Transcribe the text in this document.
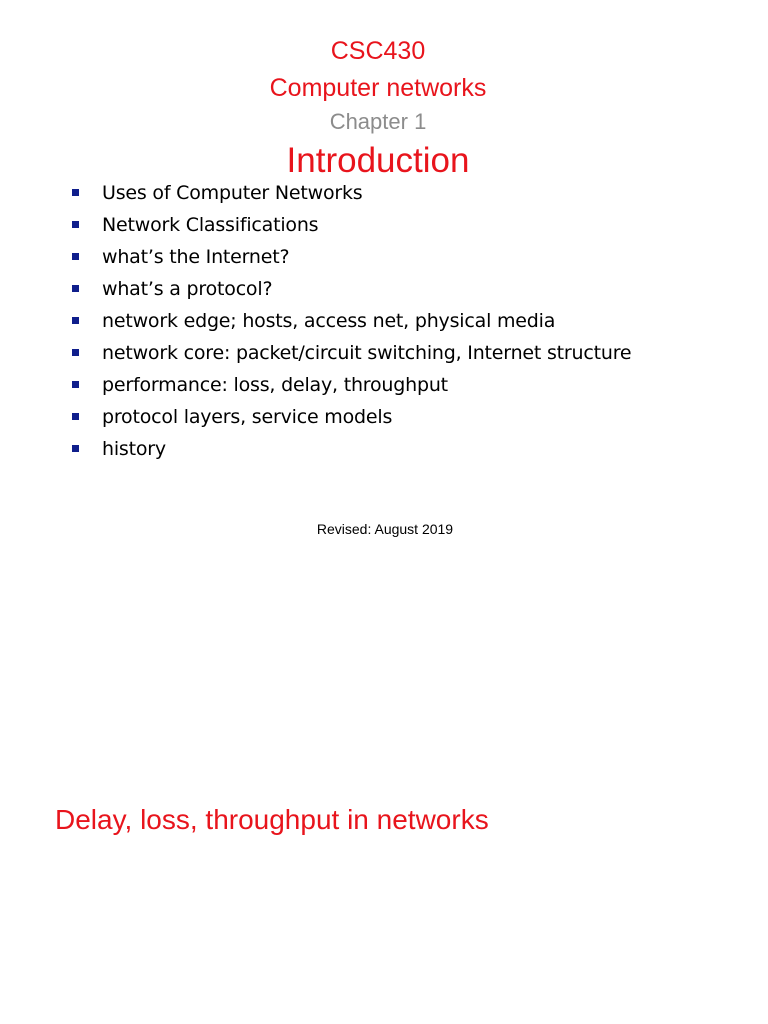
CSC430
Computer networks
Chapter 1
Introduction
Uses of Computer Networks
Network Classifications
what’s the Internet?
what’s a protocol?
network edge; hosts, access net, physical media
network core: packet/circuit switching, Internet structure
performance: loss, delay, throughput
protocol layers, service models
history
Revised: August 2019
Delay, loss, throughput in networks
